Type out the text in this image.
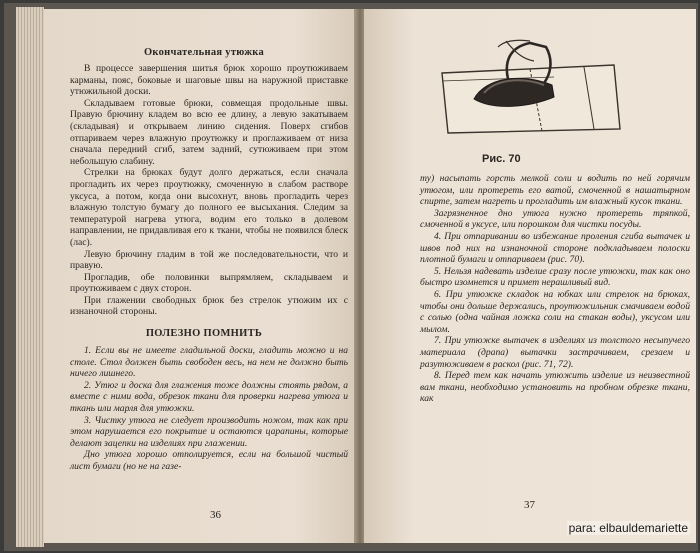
Окончательная утюжка

В процессе завершения шитья брюк хорошо проутюживаем карманы, пояс, боковые и шаговые швы на наружной приставке утюжильной доски.

Складываем готовые брюки, совмещая продольные швы. Правую брючину кладем во всю ее длину, а левую закатываем (складывая) и открываем линию сидения. Поверх сгибов отпариваем через влажную проутюжку и проглаживаем от низа сначала передний сгиб, затем задний, сутюживаем при этом небольшую слабину.

Стрелки на брюках будут долго держаться, если сначала прогладить их через проутюжку, смоченную в слабом растворе уксуса, а потом, когда они высохнут, вновь прогладить через влажную толстую бумагу до полного ее высыхания. Следим за температурой нагрева утюга, водим его только в долевом направлении, не придавливая его к ткани, чтобы не появился блеск (лас).

Левую брючину гладим в той же последовательности, что и правую.

Прогладив, обе половинки выпрямляем, складываем и проутюживаем с двух сторон.

При глажении свободных брюк без стрелок утюжим их с изнаночной стороны.

ПОЛЕЗНО ПОМНИТЬ

1. Если вы не имеете гладильной доски, гладить можно и на столе. Стол должен быть свободен весь, на нем не должно быть ничего лишнего.

2. Утюг и доска для глажения тоже должны стоять рядом, а вместе с ними вода, обрезок ткани для проверки нагрева утюга и ткань или марля для утюжки.

3. Чистку утюга не следует производить ножом, так как при этом нарушается его покрытие и остаются царапины, которые делают зацепки на изделиях при глажении.

Дно утюга хорошо отполируется, если на большой чистый лист бумаги (но не на газе-

36
Рис. 70

ту) насыпать горсть мелкой соли и водить по ней горячим утюгом, или протереть его ватой, смоченной в нашатырном спирте, затем нагреть и прогладить им влажный кусок ткани.

Загрязненное дно утюга нужно протереть тряпкой, смоченной в уксусе, или порошком для чистки посуды.

4. При отпаривании во избежание проления сгиба вытачек и швов под них на изнаночной стороне подкладываем полоски плотной бумаги и отпариваем (рис. 70).

5. Нельзя надевать изделие сразу после утюжки, так как оно быстро изомнется и примет нерашливый вид.

6. При утюжке складок на юбках или стрелок на брюках, чтобы они дольше держались, проутюжильник смачиваем водой с солью (одна чайная ложка соли на стакан воды), уксусом или мылом.

7. При утюжке вытачек в изделиях из толстого несыпучего материала (драпа) вытачки застрачиваем, срезаем и разутюживаем в раскол (рис. 71, 72).

8. Перед тем как начать утюжить изделие из неизвестной вам ткани, необходимо установить на пробном обрезке ткани, как

37
para: elbauldemariette
